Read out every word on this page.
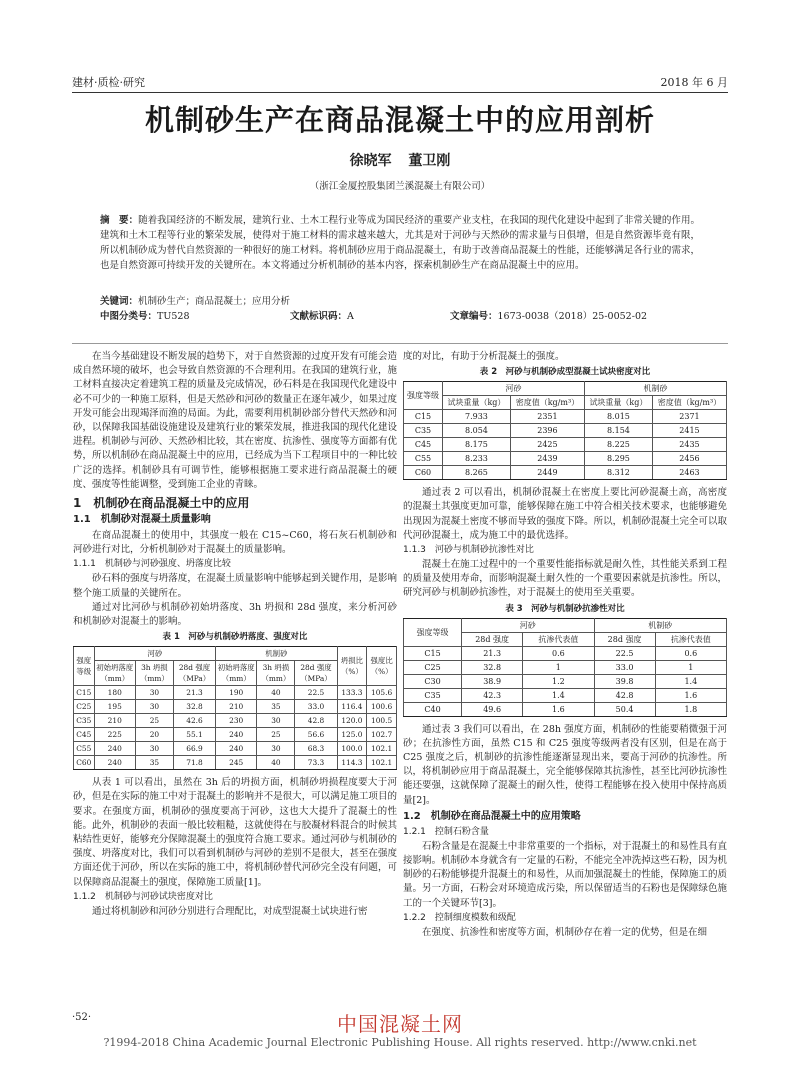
建材·质检·研究	2018 年 6 月
机制砂生产在商品混凝土中的应用剖析
徐晓军 董卫刚
（浙江金厦控股集团兰溪混凝土有限公司）
摘　要：随着我国经济的不断发展，建筑行业、土木工程行业等成为国民经济的重要产业支柱，在我国的现代化建设中起到了非常关键的作用。建筑和土木工程等行业的繁荣发展，使得对于施工材料的需求越来越大，尤其是对于河砂与天然砂的需求量与日俱增，但是自然资源毕竟有限，所以机制砂成为替代自然资源的一种很好的施工材料。将机制砂应用于商品混凝土，有助于改善商品混凝土的性能，还能够满足各行业的需求，也是自然资源可持续开发的关键所在。本文将通过分析机制砂的基本内容，探索机制砂生产在商品混凝土中的应用。
关键词：机制砂生产；商品混凝土；应用分析
中图分类号：TU528	文献标识码：A	文章编号：1673-0038（2018）25-0052-02

在当今基础建设不断发展的趋势下，对于自然资源的过度开发有可能会造成自然环境的破坏，也会导致自然资源的不合理利用。在我国的建筑行业，施工材料直接决定着建筑工程的质量及完成情况，砂石料是在我国现代化建设中必不可少的一种施工原料，但是天然砂和河砂的数量正在逐年减少，如果过度开发可能会出现竭泽而渔的局面。为此，需要利用机制砂部分替代天然砂和河砂，以保障我国基础设施建设及建筑行业的繁荣发展，推进我国的现代化建设进程。机制砂与河砂、天然砂相比较，其在密度、抗渗性、强度等方面都有优势，所以机制砂在商品混凝土中的应用，已经成为当下工程项目中的一种比较广泛的选择。机制砂具有可调节性，能够根据施工要求进行商品混凝土的硬度、强度等性能调整，受到施工企业的青睐。

1　机制砂在商品混凝土中的应用
1.1　机制砂对混凝土质量影响

在商品混凝土的使用中，其强度一般在 C15~C60，将石灰石机制砂和河砂进行对比，分析机制砂对于混凝土的质量影响。

1.1.1　机制砂与河砂强度、坍落度比较

砂石料的强度与坍落度，在混凝土质量影响中能够起到关键作用，是影响整个施工质量的关键所在。

通过对比河砂与机制砂初始坍落度、3h 坍损和 28d 强度，来分析河砂和机制砂对混凝土的影响。

表 1　河砂与机制砂坍落度、强度对比
强度等级	河砂			机制砂			坍损比（%）	强度比（%）
	初始坍落度（mm）	3h 坍损（mm）	28d 强度（MPa）	初始坍落度（mm）	3h 坍损（mm）	28d 强度（MPa）		
C15	180	30	21.3	190	40	22.5	133.3	105.6
C25	195	30	32.8	210	35	33.0	116.4	100.6
C35	210	25	42.6	230	30	42.8	120.0	100.5
C45	225	20	55.1	240	25	56.6	125.0	102.7
C55	240	30	66.9	240	30	68.3	100.0	102.1
C60	240	35	71.8	245	40	73.3	114.3	102.1

从表 1 可以看出，虽然在 3h 后的坍损方面，机制砂坍损程度要大于河砂，但是在实际的施工中对于混凝土的影响并不是很大，可以满足施工项目的要求。在强度方面，机制砂的强度要高于河砂，这也大大提升了混凝土的性能。此外，机制砂的表面一般比较粗糙，这就使得在与胶凝材料混合的时候其粘结性更好，能够充分保障混凝土的强度符合施工要求。通过河砂与机制砂的强度、坍落度对比，我们可以看到机制砂与河砂的差别不是很大，甚至在强度方面还优于河砂，所以在实际的施工中，将机制砂替代河砂完全没有问题，可以保障商品混凝土的强度，保障施工质量[1]。

1.1.2　机制砂与河砂试块密度对比

通过将机制砂和河砂分别进行合理配比，对成型混凝土试块进行密

度的对比，有助于分析混凝土的强度。

表 2　河砂与机制砂成型混凝土试块密度对比
强度等级	河砂		机制砂	
	试块重量（kg）	密度值（kg/m³）	试块重量（kg）	密度值（kg/m³）
C15	7.933	2351	8.015	2371
C35	8.054	2396	8.154	2415
C45	8.175	2425	8.225	2435
C55	8.233	2439	8.295	2456
C60	8.265	2449	8.312	2463

通过表 2 可以看出，机制砂混凝土在密度上要比河砂混凝土高，高密度的混凝土其强度更加可靠，能够保障在施工中符合相关技术要求，也能够避免出现因为混凝土密度不够而导致的强度下降。所以，机制砂混凝土完全可以取代河砂混凝土，成为施工中的最优选择。

1.1.3　河砂与机制砂抗渗性对比

混凝土在施工过程中的一个重要性能指标就是耐久性，其性能关系到工程的质量及使用寿命，而影响混凝土耐久性的一个重要因素就是抗渗性。所以，研究河砂与机制砂抗渗性，对于混凝土的使用至关重要。

表 3　河砂与机制砂抗渗性对比
强度等级	河砂		机制砂	
	28d 强度	抗渗代表值	28d 强度	抗渗代表值
C15	21.3	0.6	22.5	0.6
C25	32.8	1	33.0	1
C30	38.9	1.2	39.8	1.4
C35	42.3	1.4	42.8	1.6
C40	49.6	1.6	50.4	1.8

通过表 3 我们可以看出，在 28h 强度方面，机制砂的性能要稍微强于河砂；在抗渗性方面，虽然 C15 和 C25 强度等级两者没有区别，但是在高于 C25 强度之后，机制砂的抗渗性能逐渐显现出来，要高于河砂的抗渗性。所以，将机制砂应用于商品混凝土，完全能够保障其抗渗性，甚至比河砂抗渗性能还要强，这就保障了混凝土的耐久性，使得工程能够在投入使用中保持高质量[2]。

1.2　机制砂在商品混凝土中的应用策略
1.2.1　控制石粉含量

石粉含量是在混凝土中非常重要的一个指标，对于混凝土的和易性具有直接影响。机制砂本身就含有一定量的石粉，不能完全冲洗掉这些石粉，因为机制砂的石粉能够提升混凝土的和易性，从而加强混凝土的性能，保障施工的质量。另一方面，石粉会对环境造成污染，所以保留适当的石粉也是保障绿色施工的一个关键环节[3]。

1.2.2　控制细度模数和级配

在强度、抗渗性和密度等方面，机制砂存在着一定的优势，但是在细

·52·	中国混凝土网
?1994-2018 China Academic Journal Electronic Publishing House. All rights reserved. http://www.cnki.net
